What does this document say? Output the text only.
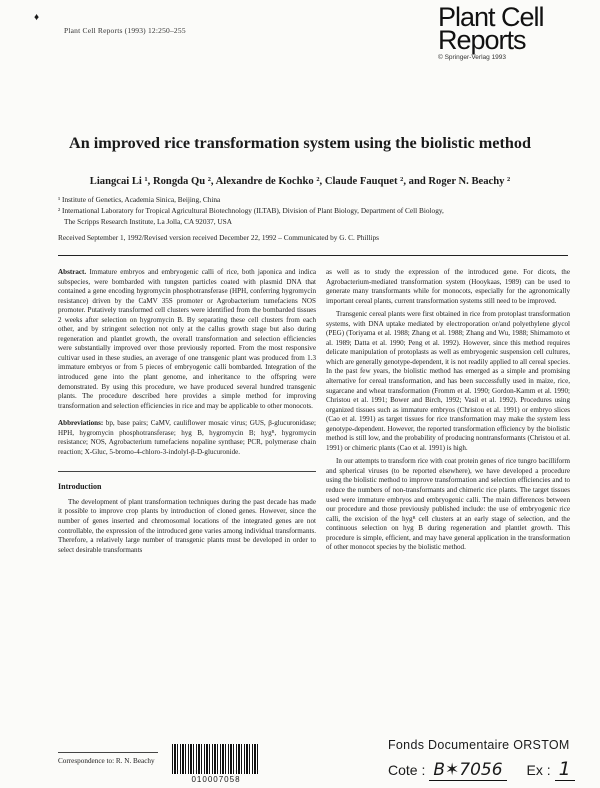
♦
Plant Cell Reports (1993) 12:250–255	Plant Cell
Reports
© Springer-Verlag 1993
An improved rice transformation system using the biolistic method
Liangcai Li ¹, Rongda Qu ², Alexandre de Kochko ², Claude Fauquet ², and Roger N. Beachy ²
¹ Institute of Genetics, Academia Sinica, Beijing, China
² International Laboratory for Tropical Agricultural Biotechnology (ILTAB), Division of Plant Biology, Department of Cell Biology,
The Scripps Research Institute, La Jolla, CA 92037, USA
Received September 1, 1992/Revised version received December 22, 1992 – Communicated by G. C. Phillips

Abstract. Immature embryos and embryogenic calli of rice, both japonica and indica subspecies, were bombarded with tungsten particles coated with plasmid DNA that contained a gene encoding hygromycin phosphotransferase (HPH, conferring hygromycin resistance) driven by the CaMV 35S promoter or Agrobacterium tumefaciens NOS promoter. Putatively transformed cell clusters were identified from the bombarded tissues 2 weeks after selection on hygromycin B. By separating these cell clusters from each other, and by stringent selection not only at the callus growth stage but also during regeneration and plantlet growth, the overall transformation and selection efficiencies were substantially improved over those previously reported. From the most responsive cultivar used in these studies, an average of one transgenic plant was produced from 1.3 immature embryos or from 5 pieces of embryogenic calli bombarded. Integration of the introduced gene into the plant genome, and inheritance to the offspring were demonstrated. By using this procedure, we have produced several hundred transgenic plants. The procedure described here provides a simple method for improving transformation and selection efficiencies in rice and may be applicable to other monocots.

Abbreviations: bp, base pairs; CaMV, cauliflower mosaic virus; GUS, β-glucuronidase; HPH, hygromycin phosphotransferase; hyg B, hygromycin B; hygᴿ, hygromycin resistance; NOS, Agrobacterium tumefaciens nopaline synthase; PCR, polymerase chain reaction; X-Gluc, 5-bromo-4-chloro-3-indolyl-β-D-glucuronide.

Introduction

The development of plant transformation techniques during the past decade has made it possible to improve crop plants by introduction of cloned genes. However, since the number of genes inserted and chromosomal locations of the integrated genes are not controllable, the expression of the introduced gene varies among individual transformants. Therefore, a relatively large number of transgenic plants must be developed in order to select desirable transformants

as well as to study the expression of the introduced gene. For dicots, the Agrobacterium-mediated transformation system (Hooykaas, 1989) can be used to generate many transformants while for monocots, especially for the agronomically important cereal plants, current transformation systems still need to be improved.

Transgenic cereal plants were first obtained in rice from protoplast transformation systems, with DNA uptake mediated by electroporation or/and polyethylene glycol (PEG) (Toriyama et al. 1988; Zhang et al. 1988; Zhang and Wu, 1988; Shimamoto et al. 1989; Datta et al. 1990; Peng et al. 1992). However, since this method requires delicate manipulation of protoplasts as well as embryogenic suspension cell cultures, which are generally genotype-dependent, it is not readily applied to all cereal species. In the past few years, the biolistic method has emerged as a simple and promising alternative for cereal transformation, and has been successfully used in maize, rice, sugarcane and wheat transformation (Fromm et al. 1990; Gordon-Kamm et al. 1990; Christou et al. 1991; Bower and Birch, 1992; Vasil et al. 1992). Procedures using organized tissues such as immature embryos (Christou et al. 1991) or embryo slices (Cao et al. 1991) as target tissues for rice transformation may make the system less genotype-dependent. However, the reported transformation efficiency by the biolistic method is still low, and the probability of producing nontransformants (Christou et al. 1991) or chimeric plants (Cao et al. 1991) is high.

In our attempts to transform rice with coat protein genes of rice tungro bacilliform and spherical viruses (to be reported elsewhere), we have developed a procedure using the biolistic method to improve transformation and selection efficiencies and to reduce the numbers of non-transformants and chimeric rice plants. The target tissues used were immature embryos and embryogenic calli. The main differences between our procedure and those previously published include: the use of embryogenic rice calli, the excision of the hygᴿ cell clusters at an early stage of selection, and the continuous selection on hyg B during regeneration and plantlet growth. This procedure is simple, efficient, and may have general application in the transformation of other monocot species by the biolistic method.

Correspondence to: R. N. Beachy
010007058
Fonds Documentaire ORSTOM
Cote : B✶7056 Ex : 1
